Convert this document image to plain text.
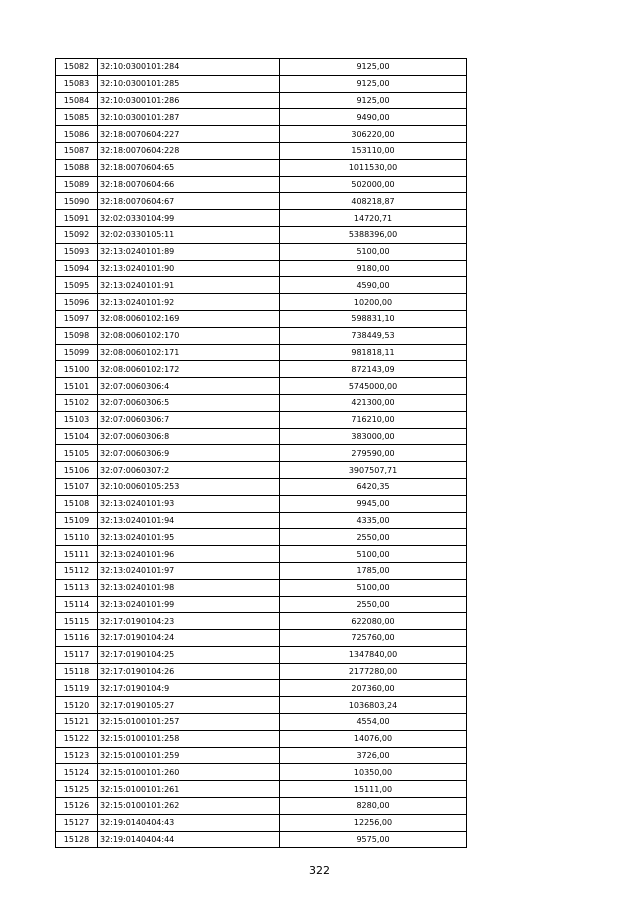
15082	32:10:0300101:284	9125,00
15083	32:10:0300101:285	9125,00
15084	32:10:0300101:286	9125,00
15085	32:10:0300101:287	9490,00
15086	32:18:0070604:227	306220,00
15087	32:18:0070604:228	153110,00
15088	32:18:0070604:65	1011530,00
15089	32:18:0070604:66	502000,00
15090	32:18:0070604:67	408218,87
15091	32:02:0330104:99	14720,71
15092	32:02:0330105:11	5388396,00
15093	32:13:0240101:89	5100,00
15094	32:13:0240101:90	9180,00
15095	32:13:0240101:91	4590,00
15096	32:13:0240101:92	10200,00
15097	32:08:0060102:169	598831,10
15098	32:08:0060102:170	738449,53
15099	32:08:0060102:171	981818,11
15100	32:08:0060102:172	872143,09
15101	32:07:0060306:4	5745000,00
15102	32:07:0060306:5	421300,00
15103	32:07:0060306:7	716210,00
15104	32:07:0060306:8	383000,00
15105	32:07:0060306:9	279590,00
15106	32:07:0060307:2	3907507,71
15107	32:10:0060105:253	6420,35
15108	32:13:0240101:93	9945,00
15109	32:13:0240101:94	4335,00
15110	32:13:0240101:95	2550,00
15111	32:13:0240101:96	5100,00
15112	32:13:0240101:97	1785,00
15113	32:13:0240101:98	5100,00
15114	32:13:0240101:99	2550,00
15115	32:17:0190104:23	622080,00
15116	32:17:0190104:24	725760,00
15117	32:17:0190104:25	1347840,00
15118	32:17:0190104:26	2177280,00
15119	32:17:0190104:9	207360,00
15120	32:17:0190105:27	1036803,24
15121	32:15:0100101:257	4554,00
15122	32:15:0100101:258	14076,00
15123	32:15:0100101:259	3726,00
15124	32:15:0100101:260	10350,00
15125	32:15:0100101:261	15111,00
15126	32:15:0100101:262	8280,00
15127	32:19:0140404:43	12256,00
15128	32:19:0140404:44	9575,00
322
